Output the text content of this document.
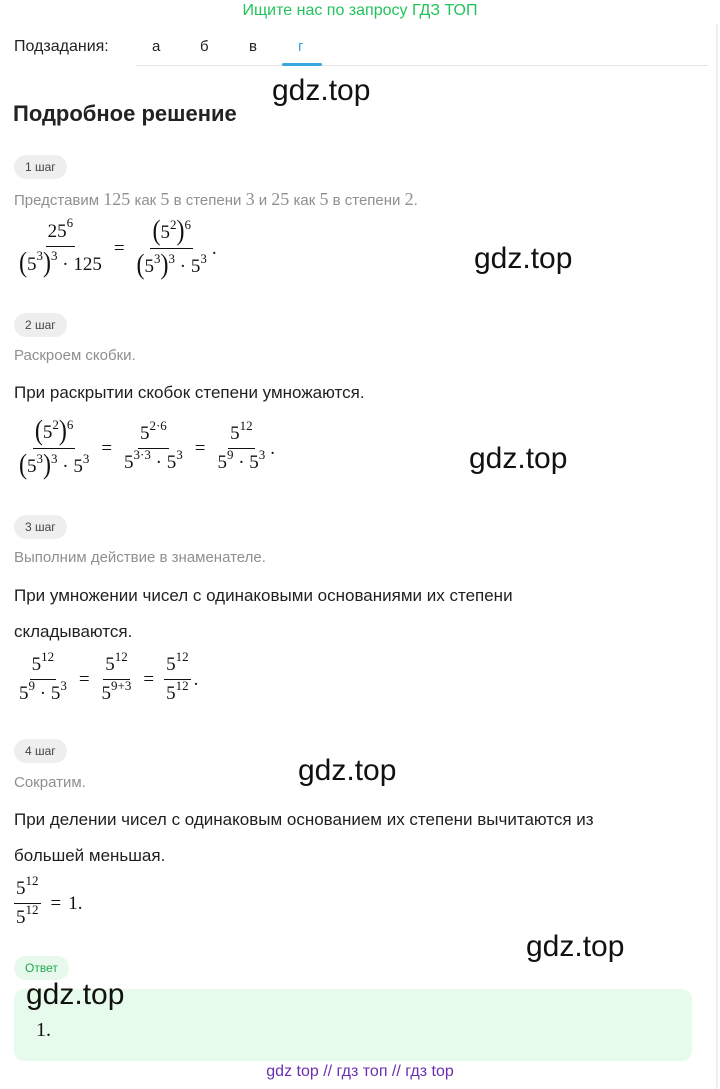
Ищите нас по запросу ГДЗ ТОП
Подзадания:	а	б	в	г
gdz.top
Подробное решение
1 шаг
Представим 125 как 5 в степени 3 и 25 как 5 в степени 2.
$\frac{25^6}{(5^3)^3 \cdot 125} = \frac{(5^2)^6}{(5^3)^3 \cdot 5^3}$ .	gdz.top
2 шаг
Раскроем скобки.
При раскрытии скобок степени умножаются.
$\frac{(5^2)^6}{(5^3)^3 \cdot 5^3} = \frac{5^{2\cdot 6}}{5^{3\cdot 3} \cdot 5^3} = \frac{5^{12}}{5^9 \cdot 5^3}$ .	gdz.top
3 шаг
Выполним действие в знаменателе.
При умножении чисел с одинаковыми основаниями их степени
складываются.
$\frac{5^{12}}{5^9 \cdot 5^3} = \frac{5^{12}}{5^{9+3}} = \frac{5^{12}}{5^{12}}$ .
4 шаг
Сократим.	gdz.top
При делении чисел с одинаковым основанием их степени вычитаются из
большей меньшая.
$\frac{5^{12}}{5^{12}} = 1$.
gdz.top
Ответ
gdz.top
1.
gdz top // гдз топ // гдз top
